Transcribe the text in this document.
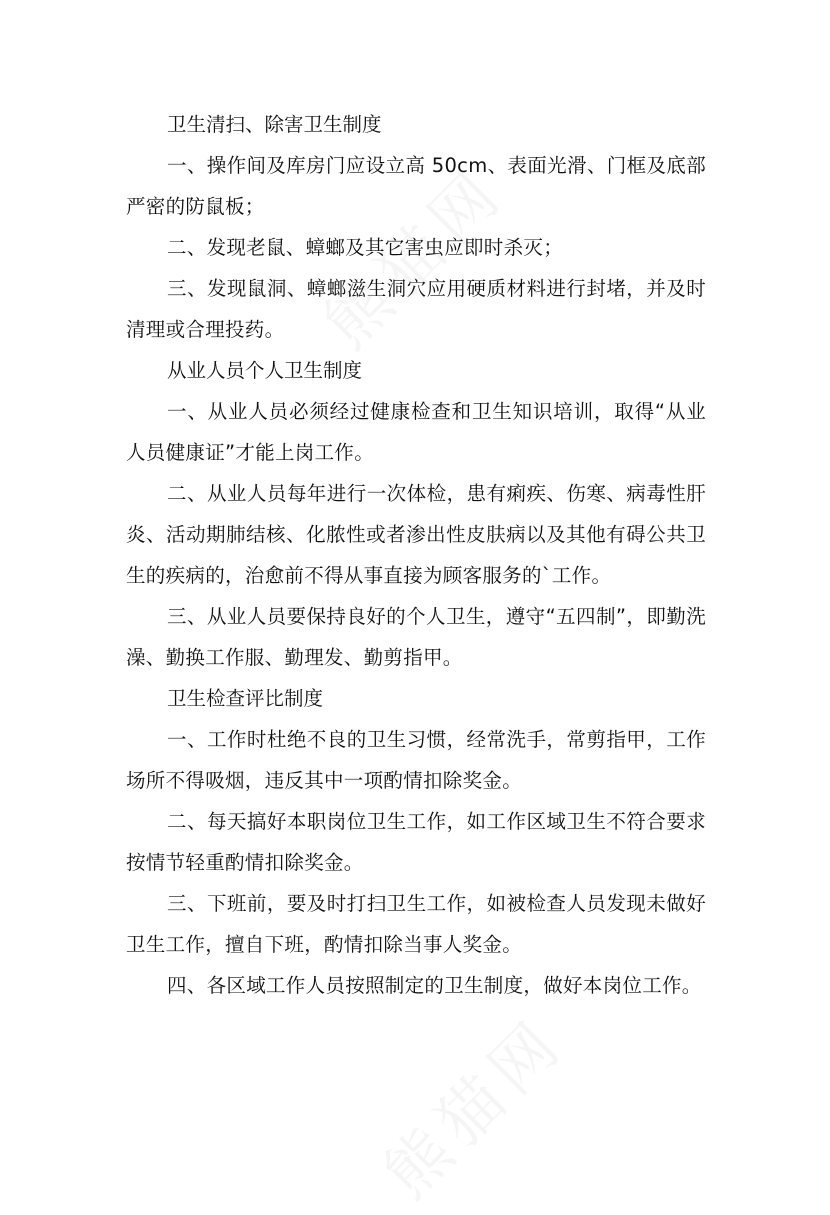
卫生清扫、除害卫生制度

一、操作间及库房门应设立高 50cm、表面光滑、门框及底部严密的防鼠板；

二、发现老鼠、蟑螂及其它害虫应即时杀灭；

三、发现鼠洞、蟑螂滋生洞穴应用硬质材料进行封堵，并及时清理或合理投药。

从业人员个人卫生制度

一、从业人员必须经过健康检查和卫生知识培训，取得“从业人员健康证”才能上岗工作。

二、从业人员每年进行一次体检，患有痢疾、伤寒、病毒性肝炎、活动期肺结核、化脓性或者渗出性皮肤病以及其他有碍公共卫生的疾病的，治愈前不得从事直接为顾客服务的`工作。

三、从业人员要保持良好的个人卫生，遵守“五四制”，即勤洗澡、勤换工作服、勤理发、勤剪指甲。

卫生检查评比制度

一、工作时杜绝不良的卫生习惯，经常洗手，常剪指甲，工作场所不得吸烟，违反其中一项酌情扣除奖金。

二、每天搞好本职岗位卫生工作，如工作区域卫生不符合要求按情节轻重酌情扣除奖金。

三、下班前，要及时打扫卫生工作，如被检查人员发现未做好卫生工作，擅自下班，酌情扣除当事人奖金。

四、各区域工作人员按照制定的卫生制度，做好本岗位工作。
